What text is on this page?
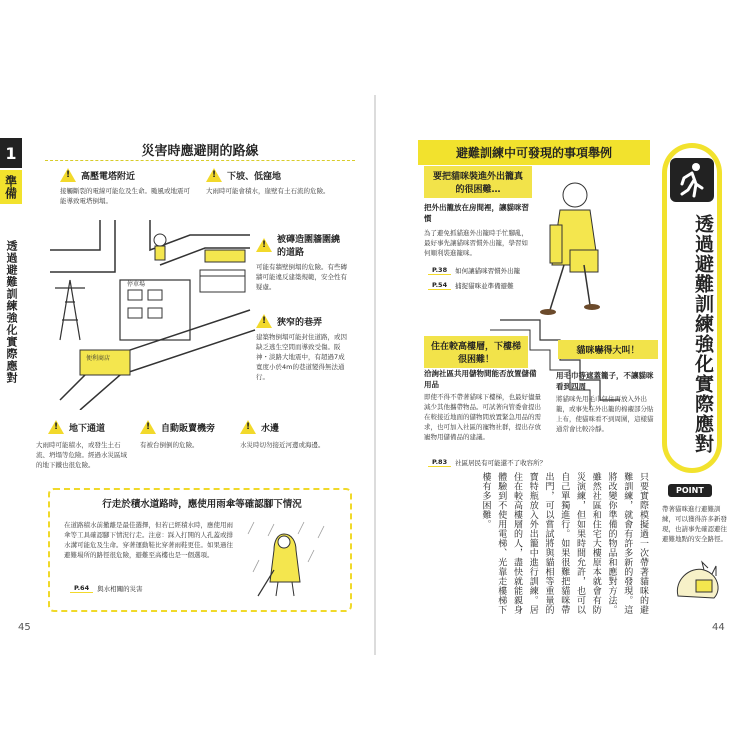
1
準備
透過避難訓練強化實際應對
災害時應避開的路線
!
高壓電塔附近
接觸斷裂的電線可能危及生命。颱風或地震可能導致電塔倒塌。
!
下坡、低窪地
大雨時可能會積水，崖壁有土石流的危險。
!
被磚造圍牆圍繞的道路
可能有牆壁倒塌的危險。有些磚牆可能違反建築規範，安全性有疑慮。
!
狹窄的巷弄
建築物倒塌可能封住道路，或因缺乏逃生空間而導致受傷。阪神・淡路大地震中，有超過7成寬度小於4m的巷道變得無法通行。
停車場
便利商店
!
地下通道
大雨時可能積水，或發生土石流、坍塌等危險。經過水災區域的地下鐵也很危險。
!
自動販賣機旁
有被台倒倒的危險。
!
水邊
水災時切勿接近河邊或海邊。
行走於積水道路時，應使用雨傘等確認腳下情況
在道路積水前撤離是最佳選擇，但若已經積水時，應使用雨傘等工具確認腳下情況行走。注意：踩入打開的人孔蓋或排水溝可能危及生命。穿著運動鞋比穿著雨鞋更佳。如果過往避難場所的路徑很危險，避難至高樓也是一個選項。
P.64	與水相關的災害
45
避難訓練中可發現的事項舉例
要把貓咪裝進外出籠真的很困難…
把外出籠放在房間裡，讓貓咪習慣
為了避免抓貓進外出籠時手忙腳亂，最好事先讓貓咪習慣外出籠，學習如何順利裝進籠咪。
P.38	如何讓貓咪習慣外出籠
P.54	捕捉貓咪並準備避難
住在較高樓層，下樓梯很困難！
洽詢社區共用儲物間能否放置儲備用品
即使不得不帶著貓咪下樓梯，也最好儘量減少其他攜帶物品。可試著向管委會提出在較接近地面的儲物間放置緊急用品的需求，也可加入社區的寵物社群，提出存放寵物用儲備品的建議。
貓咪嚇得大叫！
用毛巾等遮蓋籠子，不讓貓咪看到四周
將貓咪先用毛巾包住再放入外出籠，或事先在外出籠的棉襯部分貼上布，使貓咪看不到周圍，這樣貓通常會比較冷靜。
P.83	社區居民有可能還不了收容所？
只要實際模擬過一次帶著貓咪的避難訓練，就會有許多新的發現。這將改變你準備的物品和應對方法。雖然社區和住宅大樓原本就會有防災演練，但如果時間允許，也可以自己單獨進行。如果很難把貓咪帶出門，可以嘗試將與貓相等重量的寶特瓶放入外出籠中進行訓練。居住在較高樓層的人，盡快就能親身體驗到不使用電梯、光靠走樓梯下樓有多困難。
透過避難訓練強化實際應對
POINT
帶著貓咪進行避難訓練，可以獲得許多新發現，也請事先確認避往避難地點的安全路徑。
44
